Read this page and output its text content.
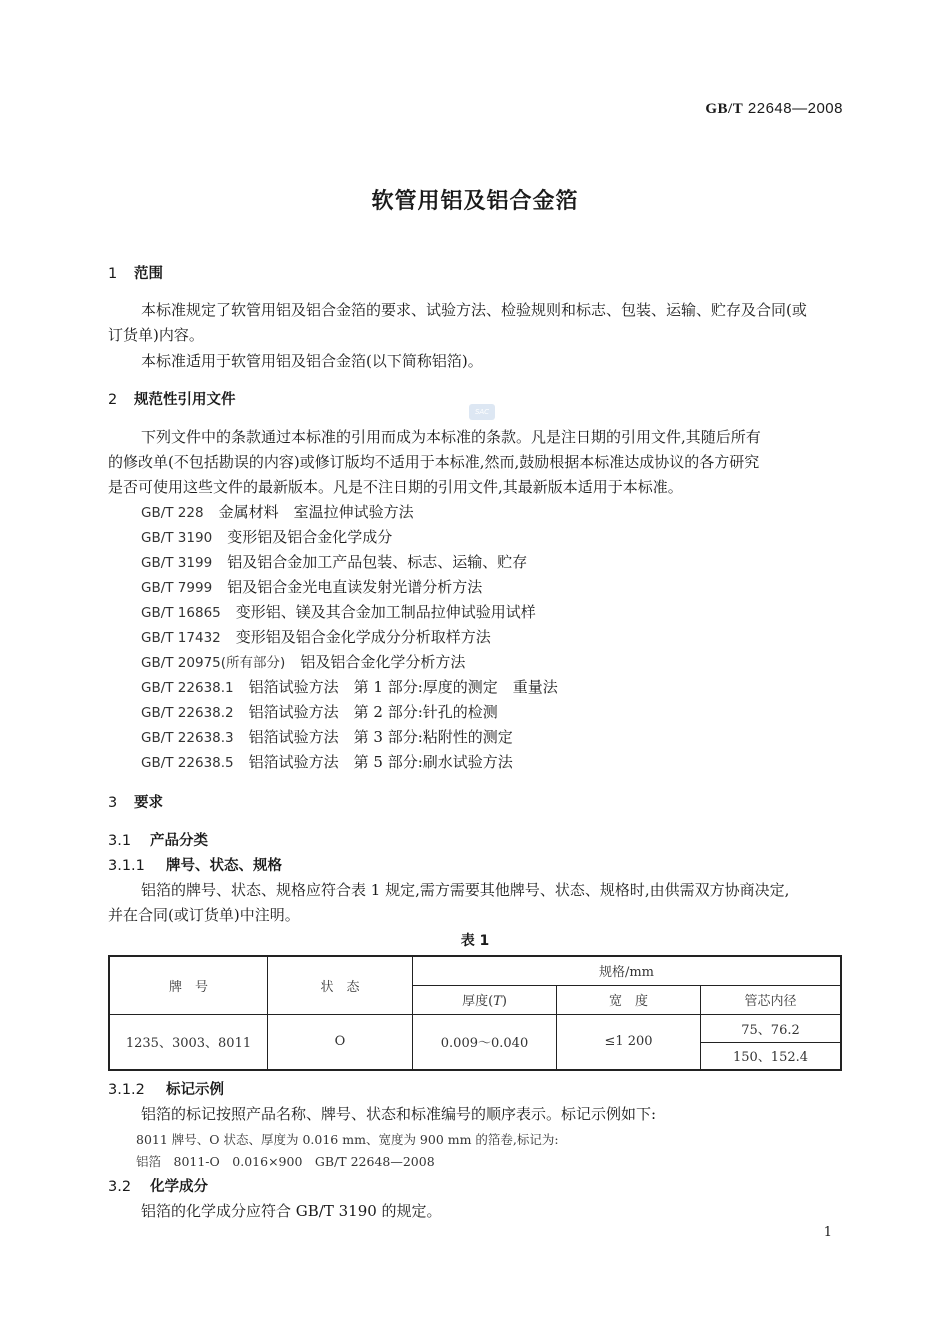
GB/T 22648—2008
软管用铝及铝合金箔
1 范围
本标准规定了软管用铝及铝合金箔的要求、试验方法、检验规则和标志、包装、运输、贮存及合同(或
订货单)内容。
本标准适用于软管用铝及铝合金箔(以下简称铝箔)。
2 规范性引用文件
SAC
下列文件中的条款通过本标准的引用而成为本标准的条款。凡是注日期的引用文件,其随后所有
的修改单(不包括勘误的内容)或修订版均不适用于本标准,然而,鼓励根据本标准达成协议的各方研究
是否可使用这些文件的最新版本。凡是不注日期的引用文件,其最新版本适用于本标准。
GB/T 228　 金属材料　室温拉伸试验方法
GB/T 3190　 变形铝及铝合金化学成分
GB/T 3199　 铝及铝合金加工产品包装、标志、运输、贮存
GB/T 7999　 铝及铝合金光电直读发射光谱分析方法
GB/T 16865　 变形铝、镁及其合金加工制品拉伸试验用试样
GB/T 17432　 变形铝及铝合金化学成分分析取样方法
GB/T 20975(所有部分)　 铝及铝合金化学分析方法
GB/T 22638.1　 铝箔试验方法　第 1 部分:厚度的测定　重量法
GB/T 22638.2　 铝箔试验方法　第 2 部分:针孔的检测
GB/T 22638.3　 铝箔试验方法　第 3 部分:粘附性的测定
GB/T 22638.5　 铝箔试验方法　第 5 部分:刷水试验方法
3 要求
3.1 产品分类
3.1.1 牌号、状态、规格
铝箔的牌号、状态、规格应符合表 1 规定,需方需要其他牌号、状态、规格时,由供需双方协商决定,
并在合同(或订货单)中注明。
表 1
牌　号	状　态	规格/mm		
		厚度(T)	宽　度	管芯内径
1235、3003、8011	O	0.009～0.040	≤1 200	75、76.2
				150、152.4
3.1.2 标记示例
铝箔的标记按照产品名称、牌号、状态和标准编号的顺序表示。标记示例如下:
8011 牌号、O 状态、厚度为 0.016 mm、宽度为 900 mm 的箔卷,标记为:
铝箔　8011-O　0.016×900　GB/T 22648—2008
3.2 化学成分
铝箔的化学成分应符合 GB/T 3190 的规定。
1
